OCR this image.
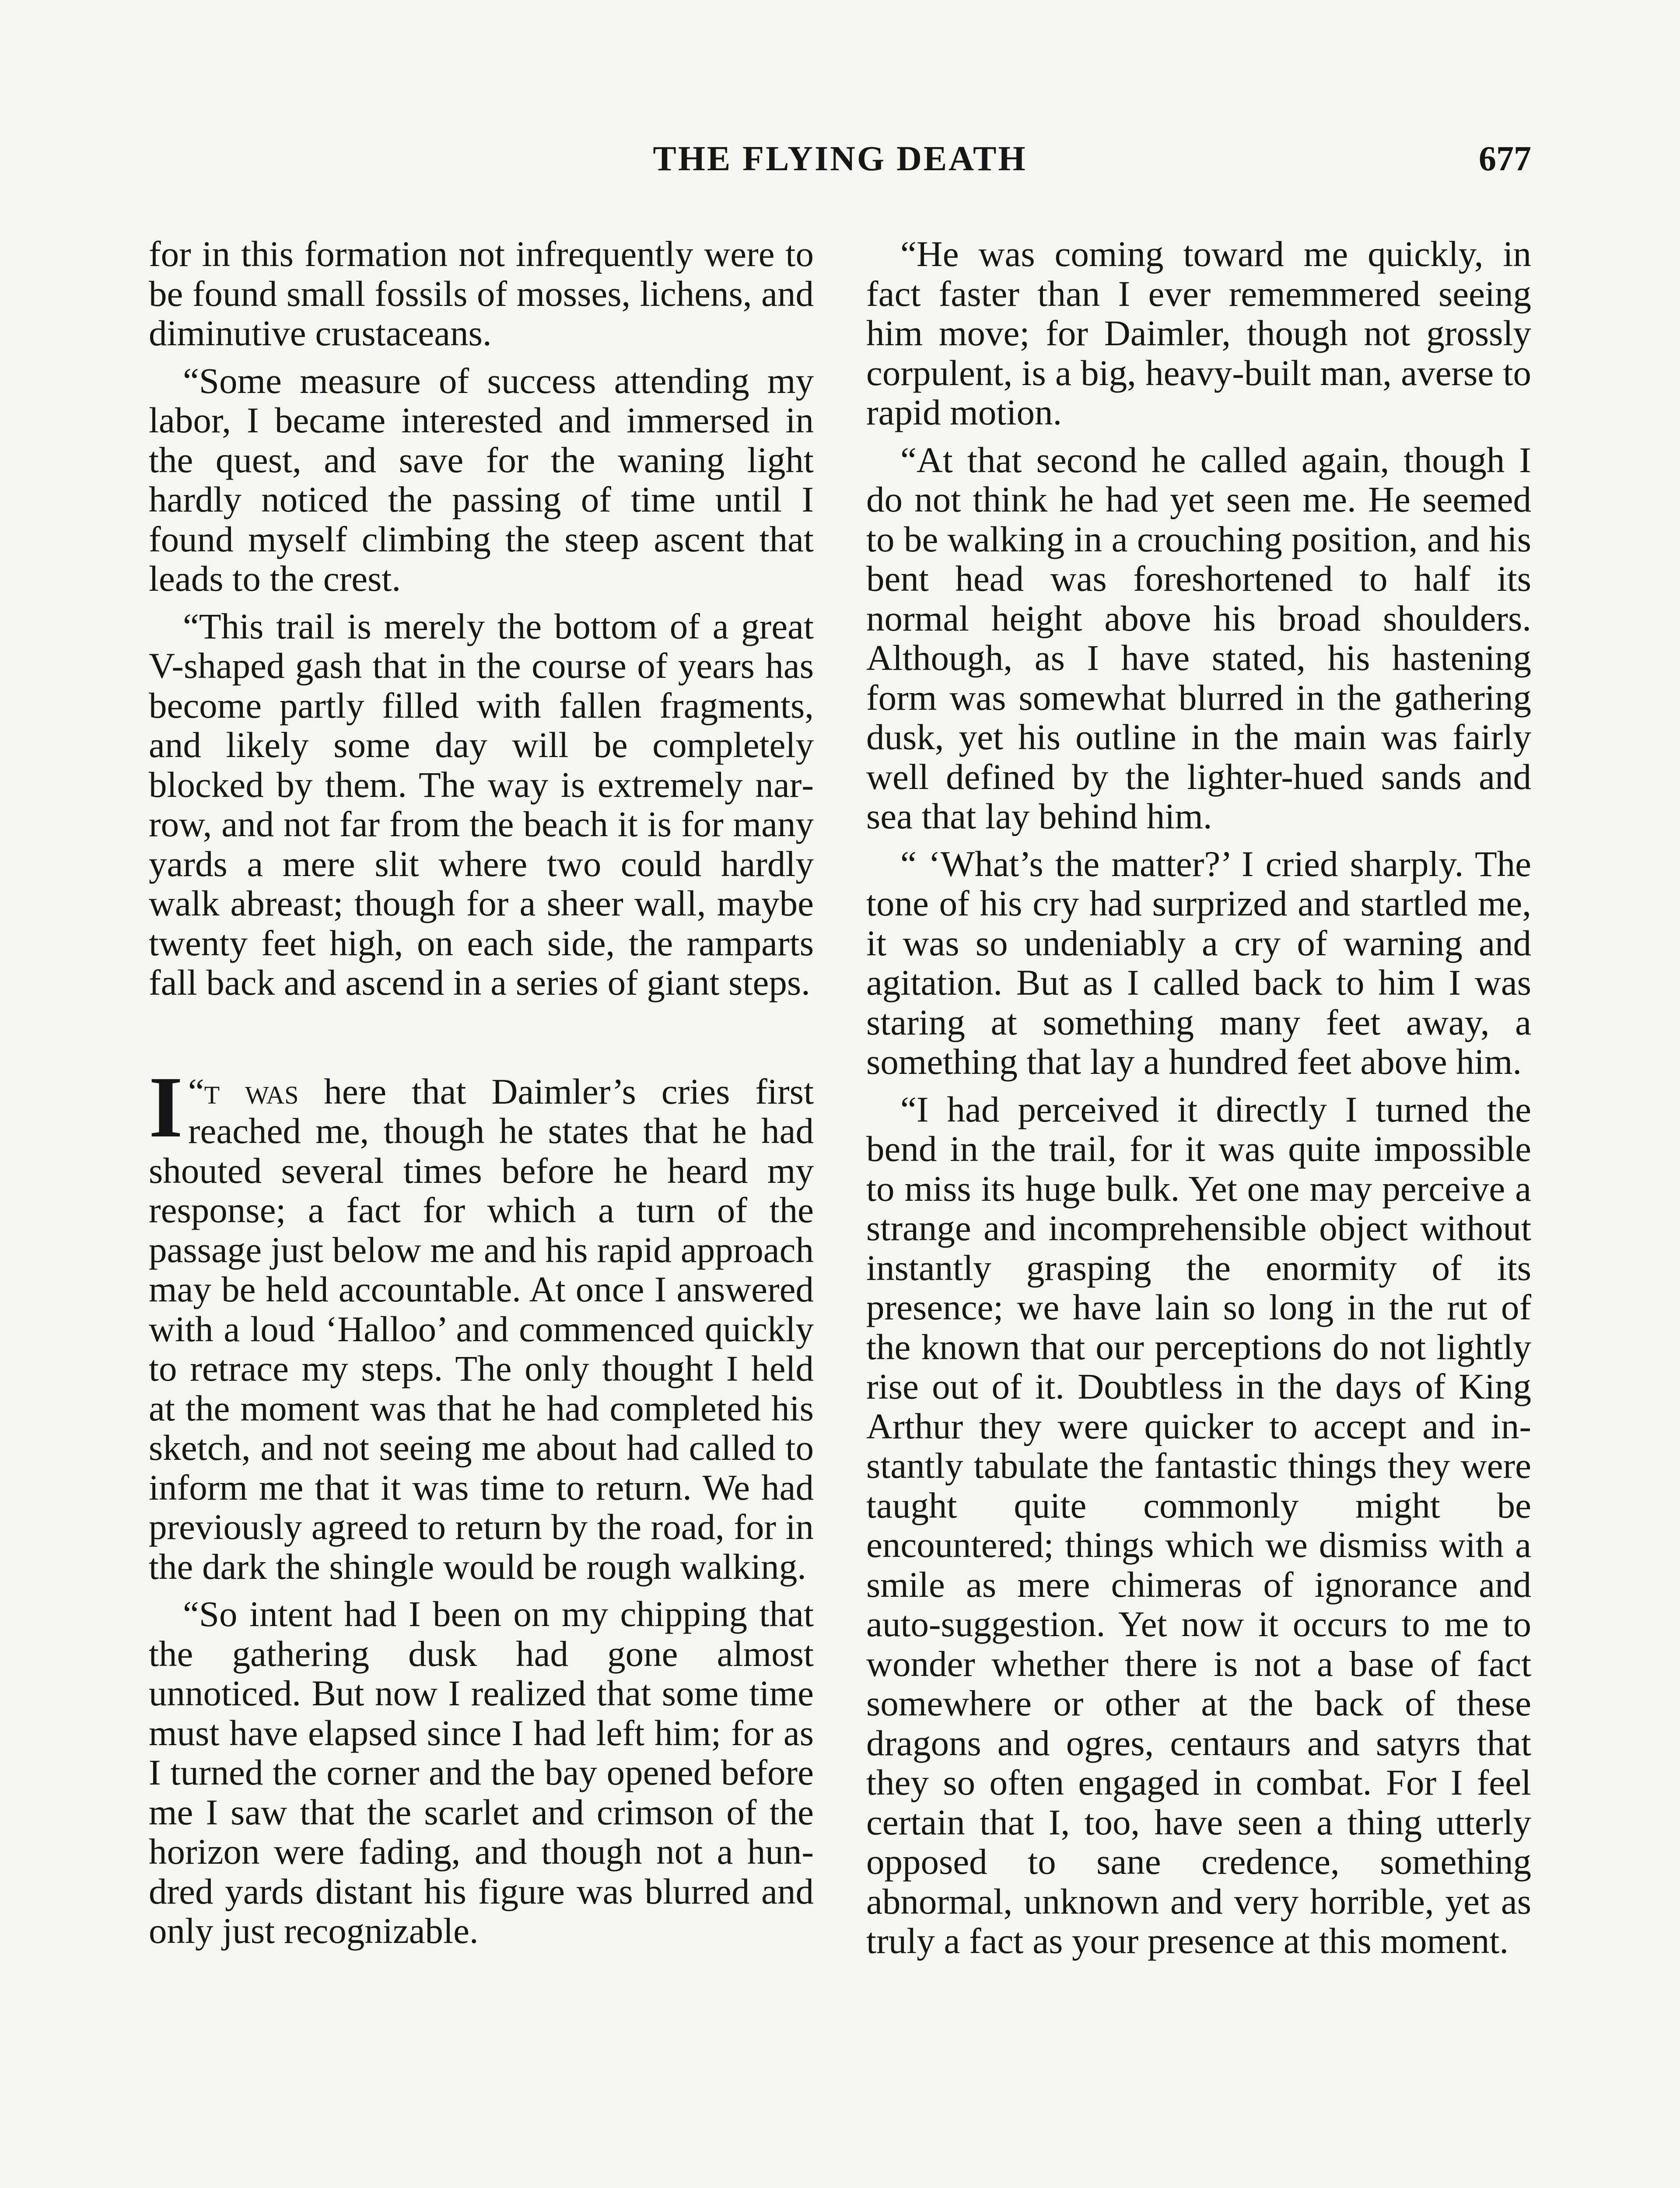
THE FLYING DEATH	677

for in this formation not infrequently were to be found small fossils of mosses, lichens, and diminutive crustaceans.

“Some measure of success attending my labor, I became interested and immersed in the quest, and save for the waning light hardly noticed the passing of time until I found myself climbing the steep ascent that leads to the crest.

“This trail is merely the bottom of a great V-shaped gash that in the course of years has become partly filled with fallen fragments, and likely some day will be completely blocked by them. The way is extremely narrow, and not far from the beach it is for many yards a mere slit where two could hardly walk abreast; though for a sheer wall, maybe twenty feet high, on each side, the ramparts fall back and ascend in a series of giant steps.

“
I t was here that Daimler’s cries first reached me, though he states that he had shouted several times before he heard my response; a fact for which a turn of the passage just below me and his rapid approach may be held accountable. At once I answered with a loud ‘Halloo’ and commenced quickly to retrace my steps. The only thought I held at the moment was that he had completed his sketch, and not seeing me about had called to inform me that it was time to return. We had previously agreed to return by the road, for in the dark the shingle would be rough walking.

“So intent had I been on my chipping that the gathering dusk had gone almost unnoticed. But now I realized that some time must have elapsed since I had left him; for as I turned the corner and the bay opened before me I saw that the scarlet and crimson of the horizon were fading, and though not a hundred yards distant his figure was blurred and only just recognizable.

“He was coming toward me quickly, in fact faster than I ever rememmered seeing him move; for Daimler, though not grossly corpulent, is a big, heavy-built man, averse to rapid motion.

“At that second he called again, though I do not think he had yet seen me. He seemed to be walking in a crouching position, and his bent head was foreshortened to half its normal height above his broad shoulders. Although, as I have stated, his hastening form was somewhat blurred in the gathering dusk, yet his outline in the main was fairly well defined by the lighter-hued sands and sea that lay behind him.

“ ‘What’s the matter?’ I cried sharply. The tone of his cry had surprized and startled me, it was so undeniably a cry of warning and agitation. But as I called back to him I was staring at something many feet away, a something that lay a hundred feet above him.

“I had perceived it directly I turned the bend in the trail, for it was quite impossible to miss its huge bulk. Yet one may perceive a strange and incomprehensible object without instantly grasping the enormity of its presence; we have lain so long in the rut of the known that our perceptions do not lightly rise out of it. Doubtless in the days of King Arthur they were quicker to accept and instantly tabulate the fantastic things they were taught quite commonly might be encountered; things which we dismiss with a smile as mere chimeras of ignorance and auto-suggestion. Yet now it occurs to me to wonder whether there is not a base of fact somewhere or other at the back of these dragons and ogres, centaurs and satyrs that they so often engaged in combat. For I feel certain that I, too, have seen a thing utterly opposed to sane credence, something abnormal, unknown and very horrible, yet as truly a fact as your presence at this moment.
